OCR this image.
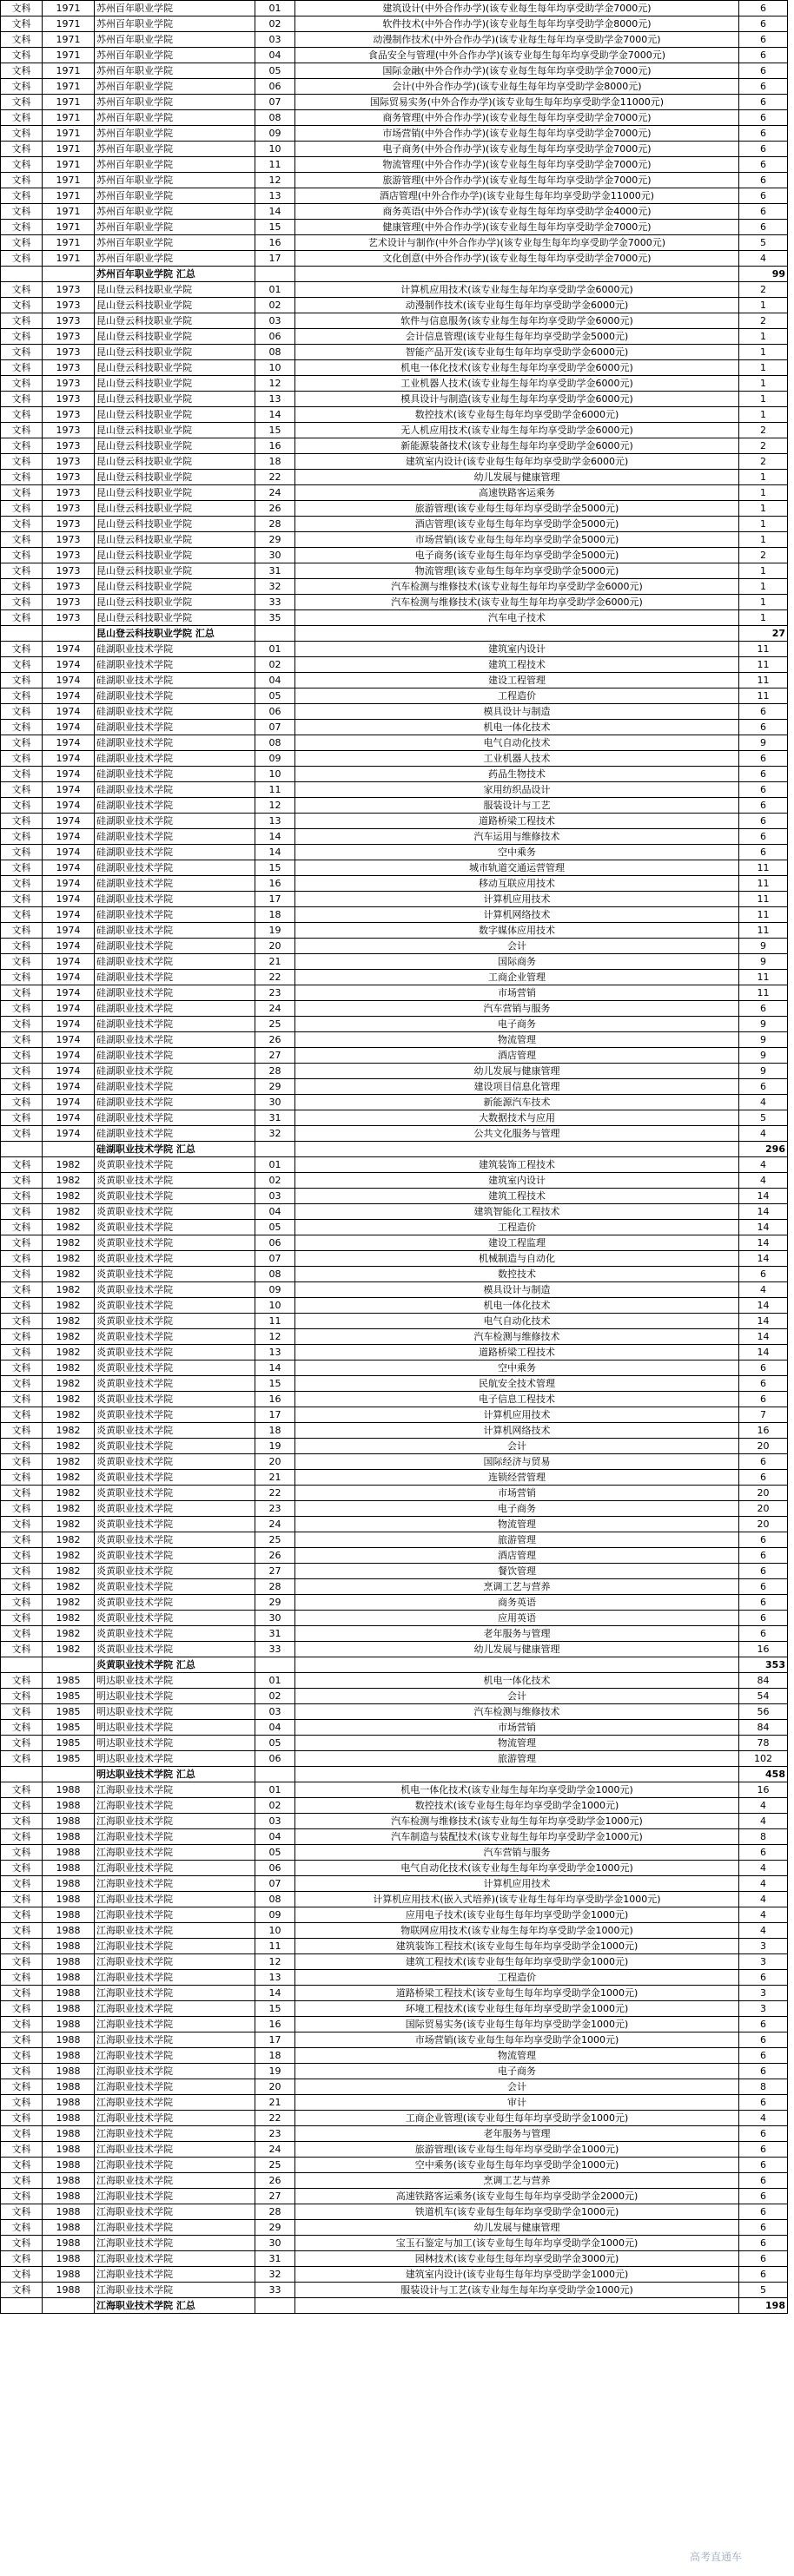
文科	1971	苏州百年职业学院	01	建筑设计(中外合作办学)(该专业每生每年均享受助学金7000元)	6
文科	1971	苏州百年职业学院	02	软件技术(中外合作办学)(该专业每生每年均享受助学金8000元)	6
文科	1971	苏州百年职业学院	03	动漫制作技术(中外合作办学)(该专业每生每年均享受助学金7000元)	6
文科	1971	苏州百年职业学院	04	食品安全与管理(中外合作办学)(该专业每生每年均享受助学金7000元)	6
文科	1971	苏州百年职业学院	05	国际金融(中外合作办学)(该专业每生每年均享受助学金7000元)	6
文科	1971	苏州百年职业学院	06	会计(中外合作办学)(该专业每生每年均享受助学金8000元)	6
文科	1971	苏州百年职业学院	07	国际贸易实务(中外合作办学)(该专业每生每年均享受助学金11000元)	6
文科	1971	苏州百年职业学院	08	商务管理(中外合作办学)(该专业每生每年均享受助学金7000元)	6
文科	1971	苏州百年职业学院	09	市场营销(中外合作办学)(该专业每生每年均享受助学金7000元)	6
文科	1971	苏州百年职业学院	10	电子商务(中外合作办学)(该专业每生每年均享受助学金7000元)	6
文科	1971	苏州百年职业学院	11	物流管理(中外合作办学)(该专业每生每年均享受助学金7000元)	6
文科	1971	苏州百年职业学院	12	旅游管理(中外合作办学)(该专业每生每年均享受助学金7000元)	6
文科	1971	苏州百年职业学院	13	酒店管理(中外合作办学)(该专业每生每年均享受助学金11000元)	6
文科	1971	苏州百年职业学院	14	商务英语(中外合作办学)(该专业每生每年均享受助学金4000元)	6
文科	1971	苏州百年职业学院	15	健康管理(中外合作办学)(该专业每生每年均享受助学金7000元)	6
文科	1971	苏州百年职业学院	16	艺术设计与制作(中外合作办学)(该专业每生每年均享受助学金7000元)	5
文科	1971	苏州百年职业学院	17	文化创意(中外合作办学)(该专业每生每年均享受助学金7000元)	4
		苏州百年职业学院 汇总			99
文科	1973	昆山登云科技职业学院	01	计算机应用技术(该专业每生每年均享受助学金6000元)	2
文科	1973	昆山登云科技职业学院	02	动漫制作技术(该专业每生每年均享受助学金6000元)	1
文科	1973	昆山登云科技职业学院	03	软件与信息服务(该专业每生每年均享受助学金6000元)	2
文科	1973	昆山登云科技职业学院	06	会计信息管理(该专业每生每年均享受助学金5000元)	1
文科	1973	昆山登云科技职业学院	08	智能产品开发(该专业每生每年均享受助学金6000元)	1
文科	1973	昆山登云科技职业学院	10	机电一体化技术(该专业每生每年均享受助学金6000元)	1
文科	1973	昆山登云科技职业学院	12	工业机器人技术(该专业每生每年均享受助学金6000元)	1
文科	1973	昆山登云科技职业学院	13	模具设计与制造(该专业每生每年均享受助学金6000元)	1
文科	1973	昆山登云科技职业学院	14	数控技术(该专业每生每年均享受助学金6000元)	1
文科	1973	昆山登云科技职业学院	15	无人机应用技术(该专业每生每年均享受助学金6000元)	2
文科	1973	昆山登云科技职业学院	16	新能源装备技术(该专业每生每年均享受助学金6000元)	2
文科	1973	昆山登云科技职业学院	18	建筑室内设计(该专业每生每年均享受助学金6000元)	2
文科	1973	昆山登云科技职业学院	22	幼儿发展与健康管理	1
文科	1973	昆山登云科技职业学院	24	高速铁路客运乘务	1
文科	1973	昆山登云科技职业学院	26	旅游管理(该专业每生每年均享受助学金5000元)	1
文科	1973	昆山登云科技职业学院	28	酒店管理(该专业每生每年均享受助学金5000元)	1
文科	1973	昆山登云科技职业学院	29	市场营销(该专业每生每年均享受助学金5000元)	1
文科	1973	昆山登云科技职业学院	30	电子商务(该专业每生每年均享受助学金5000元)	2
文科	1973	昆山登云科技职业学院	31	物流管理(该专业每生每年均享受助学金5000元)	1
文科	1973	昆山登云科技职业学院	32	汽车检测与维修技术(该专业每生每年均享受助学金6000元)	1
文科	1973	昆山登云科技职业学院	33	汽车检测与维修技术(该专业每生每年均享受助学金6000元)	1
文科	1973	昆山登云科技职业学院	35	汽车电子技术	1
		昆山登云科技职业学院 汇总			27
文科	1974	硅湖职业技术学院	01	建筑室内设计	11
文科	1974	硅湖职业技术学院	02	建筑工程技术	11
文科	1974	硅湖职业技术学院	04	建设工程管理	11
文科	1974	硅湖职业技术学院	05	工程造价	11
文科	1974	硅湖职业技术学院	06	模具设计与制造	6
文科	1974	硅湖职业技术学院	07	机电一体化技术	6
文科	1974	硅湖职业技术学院	08	电气自动化技术	9
文科	1974	硅湖职业技术学院	09	工业机器人技术	6
文科	1974	硅湖职业技术学院	10	药品生物技术	6
文科	1974	硅湖职业技术学院	11	家用纺织品设计	6
文科	1974	硅湖职业技术学院	12	服装设计与工艺	6
文科	1974	硅湖职业技术学院	13	道路桥梁工程技术	6
文科	1974	硅湖职业技术学院	14	汽车运用与维修技术	6
文科	1974	硅湖职业技术学院	14	空中乘务	6
文科	1974	硅湖职业技术学院	15	城市轨道交通运营管理	11
文科	1974	硅湖职业技术学院	16	移动互联应用技术	11
文科	1974	硅湖职业技术学院	17	计算机应用技术	11
文科	1974	硅湖职业技术学院	18	计算机网络技术	11
文科	1974	硅湖职业技术学院	19	数字媒体应用技术	11
文科	1974	硅湖职业技术学院	20	会计	9
文科	1974	硅湖职业技术学院	21	国际商务	9
文科	1974	硅湖职业技术学院	22	工商企业管理	11
文科	1974	硅湖职业技术学院	23	市场营销	11
文科	1974	硅湖职业技术学院	24	汽车营销与服务	6
文科	1974	硅湖职业技术学院	25	电子商务	9
文科	1974	硅湖职业技术学院	26	物流管理	9
文科	1974	硅湖职业技术学院	27	酒店管理	9
文科	1974	硅湖职业技术学院	28	幼儿发展与健康管理	9
文科	1974	硅湖职业技术学院	29	建设项目信息化管理	6
文科	1974	硅湖职业技术学院	30	新能源汽车技术	4
文科	1974	硅湖职业技术学院	31	大数据技术与应用	5
文科	1974	硅湖职业技术学院	32	公共文化服务与管理	4
		硅湖职业技术学院 汇总			296
文科	1982	炎黄职业技术学院	01	建筑装饰工程技术	4
文科	1982	炎黄职业技术学院	02	建筑室内设计	4
文科	1982	炎黄职业技术学院	03	建筑工程技术	14
文科	1982	炎黄职业技术学院	04	建筑智能化工程技术	14
文科	1982	炎黄职业技术学院	05	工程造价	14
文科	1982	炎黄职业技术学院	06	建设工程监理	14
文科	1982	炎黄职业技术学院	07	机械制造与自动化	14
文科	1982	炎黄职业技术学院	08	数控技术	6
文科	1982	炎黄职业技术学院	09	模具设计与制造	4
文科	1982	炎黄职业技术学院	10	机电一体化技术	14
文科	1982	炎黄职业技术学院	11	电气自动化技术	14
文科	1982	炎黄职业技术学院	12	汽车检测与维修技术	14
文科	1982	炎黄职业技术学院	13	道路桥梁工程技术	14
文科	1982	炎黄职业技术学院	14	空中乘务	6
文科	1982	炎黄职业技术学院	15	民航安全技术管理	6
文科	1982	炎黄职业技术学院	16	电子信息工程技术	6
文科	1982	炎黄职业技术学院	17	计算机应用技术	7
文科	1982	炎黄职业技术学院	18	计算机网络技术	16
文科	1982	炎黄职业技术学院	19	会计	20
文科	1982	炎黄职业技术学院	20	国际经济与贸易	6
文科	1982	炎黄职业技术学院	21	连锁经营管理	6
文科	1982	炎黄职业技术学院	22	市场营销	20
文科	1982	炎黄职业技术学院	23	电子商务	20
文科	1982	炎黄职业技术学院	24	物流管理	20
文科	1982	炎黄职业技术学院	25	旅游管理	6
文科	1982	炎黄职业技术学院	26	酒店管理	6
文科	1982	炎黄职业技术学院	27	餐饮管理	6
文科	1982	炎黄职业技术学院	28	烹调工艺与营养	6
文科	1982	炎黄职业技术学院	29	商务英语	6
文科	1982	炎黄职业技术学院	30	应用英语	6
文科	1982	炎黄职业技术学院	31	老年服务与管理	6
文科	1982	炎黄职业技术学院	33	幼儿发展与健康管理	16
		炎黄职业技术学院 汇总			353
文科	1985	明达职业技术学院	01	机电一体化技术	84
文科	1985	明达职业技术学院	02	会计	54
文科	1985	明达职业技术学院	03	汽车检测与维修技术	56
文科	1985	明达职业技术学院	04	市场营销	84
文科	1985	明达职业技术学院	05	物流管理	78
文科	1985	明达职业技术学院	06	旅游管理	102
		明达职业技术学院 汇总			458
文科	1988	江海职业技术学院	01	机电一体化技术(该专业每生每年均享受助学金1000元)	16
文科	1988	江海职业技术学院	02	数控技术(该专业每生每年均享受助学金1000元)	4
文科	1988	江海职业技术学院	03	汽车检测与维修技术(该专业每生每年均享受助学金1000元)	4
文科	1988	江海职业技术学院	04	汽车制造与装配技术(该专业每生每年均享受助学金1000元)	8
文科	1988	江海职业技术学院	05	汽车营销与服务	6
文科	1988	江海职业技术学院	06	电气自动化技术(该专业每生每年均享受助学金1000元)	4
文科	1988	江海职业技术学院	07	计算机应用技术	4
文科	1988	江海职业技术学院	08	计算机应用技术(嵌入式培养)(该专业每生每年均享受助学金1000元)	4
文科	1988	江海职业技术学院	09	应用电子技术(该专业每生每年均享受助学金1000元)	4
文科	1988	江海职业技术学院	10	物联网应用技术(该专业每生每年均享受助学金1000元)	4
文科	1988	江海职业技术学院	11	建筑装饰工程技术(该专业每生每年均享受助学金1000元)	3
文科	1988	江海职业技术学院	12	建筑工程技术(该专业每生每年均享受助学金1000元)	3
文科	1988	江海职业技术学院	13	工程造价	6
文科	1988	江海职业技术学院	14	道路桥梁工程技术(该专业每生每年均享受助学金1000元)	3
文科	1988	江海职业技术学院	15	环境工程技术(该专业每生每年均享受助学金1000元)	3
文科	1988	江海职业技术学院	16	国际贸易实务(该专业每生每年均享受助学金1000元)	6
文科	1988	江海职业技术学院	17	市场营销(该专业每生每年均享受助学金1000元)	6
文科	1988	江海职业技术学院	18	物流管理	6
文科	1988	江海职业技术学院	19	电子商务	6
文科	1988	江海职业技术学院	20	会计	8
文科	1988	江海职业技术学院	21	审计	6
文科	1988	江海职业技术学院	22	工商企业管理(该专业每生每年均享受助学金1000元)	4
文科	1988	江海职业技术学院	23	老年服务与管理	6
文科	1988	江海职业技术学院	24	旅游管理(该专业每生每年均享受助学金1000元)	6
文科	1988	江海职业技术学院	25	空中乘务(该专业每生每年均享受助学金1000元)	6
文科	1988	江海职业技术学院	26	烹调工艺与营养	6
文科	1988	江海职业技术学院	27	高速铁路客运乘务(该专业每生每年均享受助学金2000元)	6
文科	1988	江海职业技术学院	28	铁道机车(该专业每生每年均享受助学金1000元)	6
文科	1988	江海职业技术学院	29	幼儿发展与健康管理	6
文科	1988	江海职业技术学院	30	宝玉石鉴定与加工(该专业每生每年均享受助学金1000元)	6
文科	1988	江海职业技术学院	31	园林技术(该专业每生每年均享受助学金3000元)	6
文科	1988	江海职业技术学院	32	建筑室内设计(该专业每生每年均享受助学金1000元)	6
文科	1988	江海职业技术学院	33	服装设计与工艺(该专业每生每年均享受助学金1000元)	5
		江海职业技术学院 汇总			198
高考直通车
